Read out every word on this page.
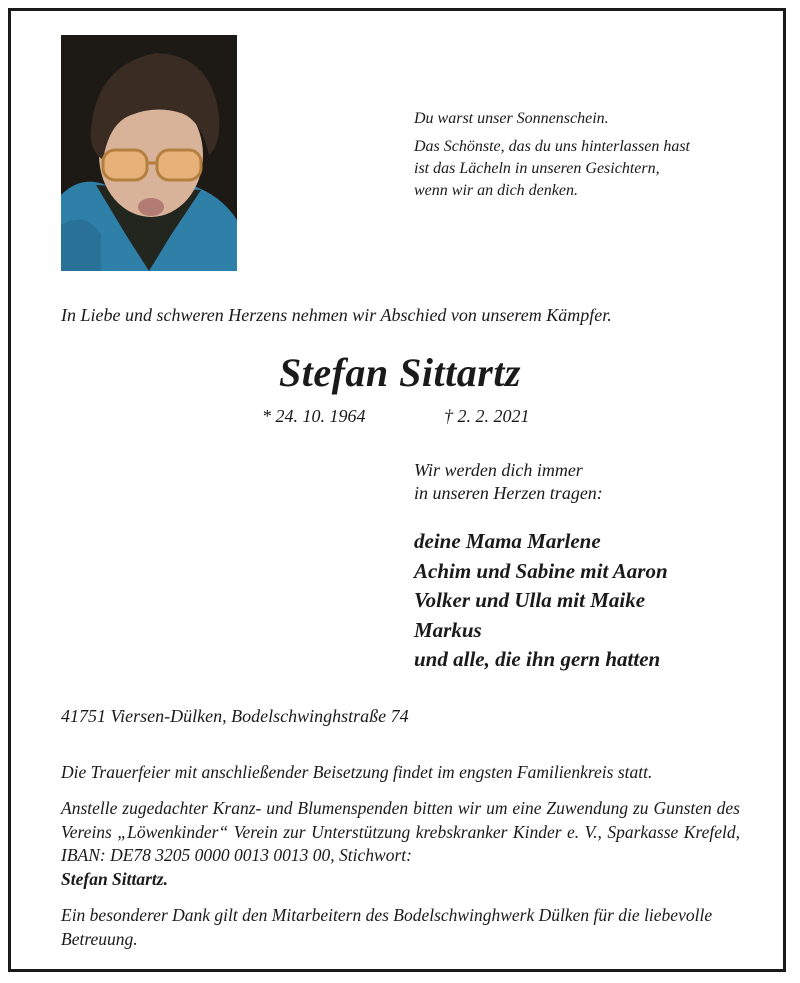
Du warst unser Sonnenschein.

Das Schönste, das du uns hinterlassen hast

ist das Lächeln in unseren Gesichtern,

wenn wir an dich denken.

In Liebe und schweren Herzens nehmen wir Abschied von unserem Kämpfer.
Stefan Sittartz
* 24. 10. 1964	† 2. 2. 2021
Wir werden dich immer
in unseren Herzen tragen:
deine Mama Marlene
Achim und Sabine mit Aaron
Volker und Ulla mit Maike
Markus
und alle, die ihn gern hatten
41751 Viersen-Dülken, Bodelschwinghstraße 74
Die Trauerfeier mit anschließender Beisetzung findet im engsten Familienkreis statt.
Anstelle zugedachter Kranz- und Blumenspenden bitten wir um eine Zuwendung zu Gunsten des Vereins „Löwenkinder“ Verein zur Unterstützung krebskranker Kinder e. V., Sparkasse Krefeld, IBAN: DE78 3205 0000 0013 0013 00, Stichwort:
Stefan Sittartz.
Ein besonderer Dank gilt den Mitarbeitern des Bodelschwinghwerk Dülken für die liebevolle Betreuung.
